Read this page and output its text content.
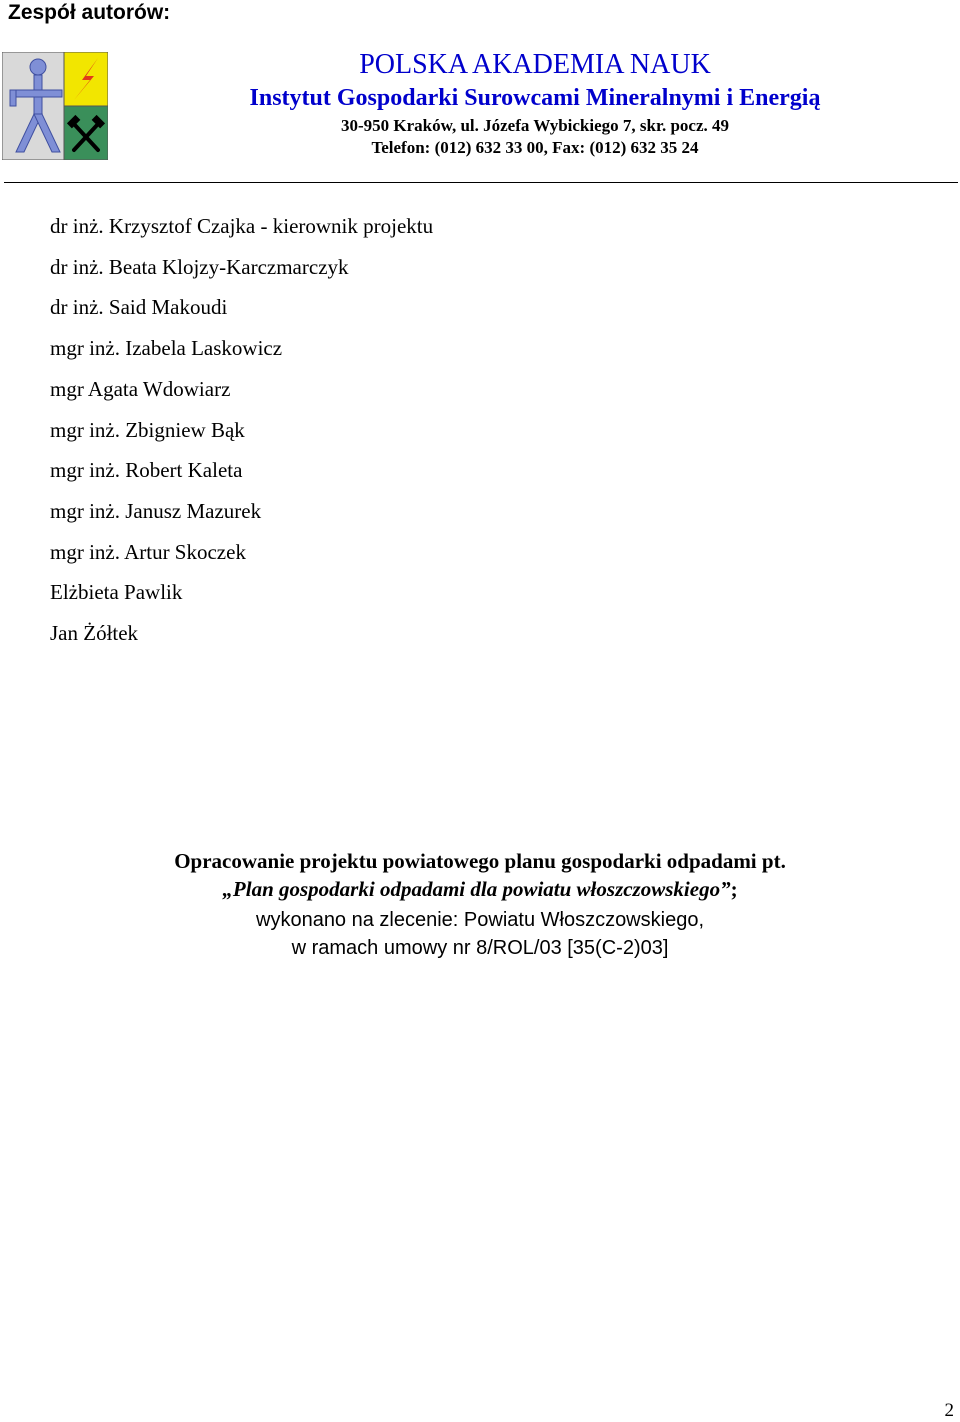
Zespół autorów:
POLSKA AKADEMIA NAUK
Instytut Gospodarki Surowcami Mineralnymi i Energią
30-950 Kraków, ul. Józefa Wybickiego 7, skr. pocz. 49
Telefon: (012) 632 33 00, Fax: (012) 632 35 24
dr inż. Krzysztof Czajka - kierownik projektu
dr inż. Beata Klojzy-Karczmarczyk
dr inż. Said Makoudi
mgr inż. Izabela Laskowicz
mgr Agata Wdowiarz
mgr inż. Zbigniew Bąk
mgr inż. Robert Kaleta
mgr inż. Janusz Mazurek
mgr inż. Artur Skoczek
Elżbieta Pawlik
Jan Żółtek
Opracowanie projektu powiatowego planu gospodarki odpadami pt.
„Plan gospodarki odpadami dla powiatu włoszczowskiego”;
wykonano na zlecenie: Powiatu Włoszczowskiego,
w ramach umowy nr 8/ROL/03 [35(C-2)03]
2
